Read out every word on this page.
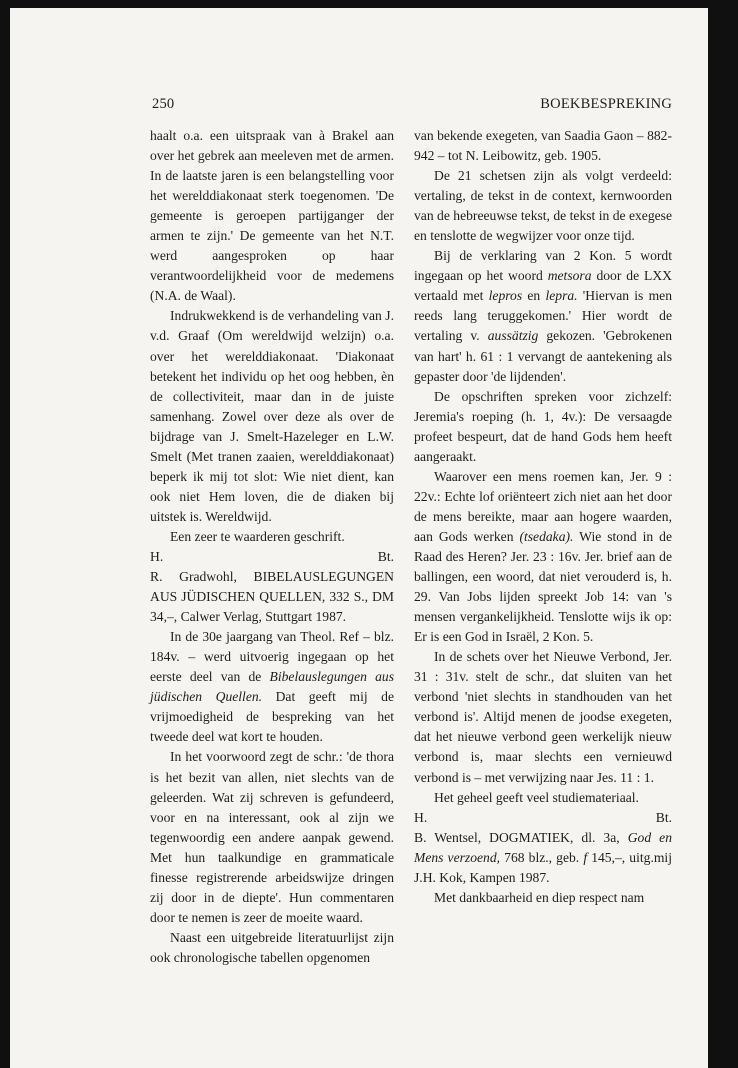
250	BOEKBESPREKING

haalt o.a. een uitspraak van à Brakel aan over het gebrek aan meeleven met de armen. In de laatste jaren is een belangstelling voor het werelddiakonaat sterk toegenomen. 'De gemeente is geroepen partijganger der armen te zijn.' De gemeente van het N.T. werd aangesproken op haar verantwoordelijkheid voor de medemens (N.A. de Waal).

Indrukwekkend is de verhandeling van J. v.d. Graaf (Om wereldwijd welzijn) o.a. over het werelddiakonaat. 'Diakonaat betekent het individu op het oog hebben, èn de collectiviteit, maar dan in de juiste samenhang. Zowel over deze als over de bijdrage van J. Smelt-Hazeleger en L.W. Smelt (Met tranen zaaien, werelddiakonaat) beperk ik mij tot slot: Wie niet dient, kan ook niet Hem loven, die de diaken bij uitstek is. Wereldwijd.

Een zeer te waarderen geschrift.

H.	Bt.

R. Gradwohl, BIBELAUSLEGUNGEN AUS JÜDISCHEN QUELLEN, 332 S., DM 34,–, Calwer Verlag, Stuttgart 1987.

In de 30e jaargang van Theol. Ref – blz. 184v. – werd uitvoerig ingegaan op het eerste deel van de Bibelauslegungen aus jüdischen Quellen. Dat geeft mij de vrijmoedigheid de bespreking van het tweede deel wat kort te houden.

In het voorwoord zegt de schr.: 'de thora is het bezit van allen, niet slechts van de geleerden. Wat zij schreven is gefundeerd, voor en na interessant, ook al zijn we tegenwoordig een andere aanpak gewend. Met hun taalkundige en grammaticale finesse registrerende arbeidswijze dringen zij door in de diepte'. Hun commentaren door te nemen is zeer de moeite waard.

Naast een uitgebreide literatuurlijst zijn ook chronologische tabellen opgenomen

van bekende exegeten, van Saadia Gaon – 882-942 – tot N. Leibowitz, geb. 1905.

De 21 schetsen zijn als volgt verdeeld: vertaling, de tekst in de context, kernwoorden van de hebreeuwse tekst, de tekst in de exegese en tenslotte de wegwijzer voor onze tijd.

Bij de verklaring van 2 Kon. 5 wordt ingegaan op het woord metsora door de LXX vertaald met lepros en lepra. 'Hiervan is men reeds lang teruggekomen.' Hier wordt de vertaling v. aussätzig gekozen. 'Gebrokenen van hart' h. 61 : 1 vervangt de aantekening als gepaster door 'de lijdenden'.

De opschriften spreken voor zichzelf: Jeremia's roeping (h. 1, 4v.): De versaagde profeet bespeurt, dat de hand Gods hem heeft aangeraakt.

Waarover een mens roemen kan, Jer. 9 : 22v.: Echte lof oriënteert zich niet aan het door de mens bereikte, maar aan hogere waarden, aan Gods werken (tsedaka). Wie stond in de Raad des Heren? Jer. 23 : 16v. Jer. brief aan de ballingen, een woord, dat niet verouderd is, h. 29. Van Jobs lijden spreekt Job 14: van 's mensen vergankelijkheid. Tenslotte wijs ik op: Er is een God in Israël, 2 Kon. 5.

In de schets over het Nieuwe Verbond, Jer. 31 : 31v. stelt de schr., dat sluiten van het verbond 'niet slechts in standhouden van het verbond is'. Altijd menen de joodse exegeten, dat het nieuwe verbond geen werkelijk nieuw verbond is, maar slechts een vernieuwd verbond is – met verwijzing naar Jes. 11 : 1.

Het geheel geeft veel studiemateriaal.

H.	Bt.

B. Wentsel, DOGMATIEK, dl. 3a, God en Mens verzoend, 768 blz., geb. f 145,–, uitg.mij J.H. Kok, Kampen 1987.

Met dankbaarheid en diep respect nam
